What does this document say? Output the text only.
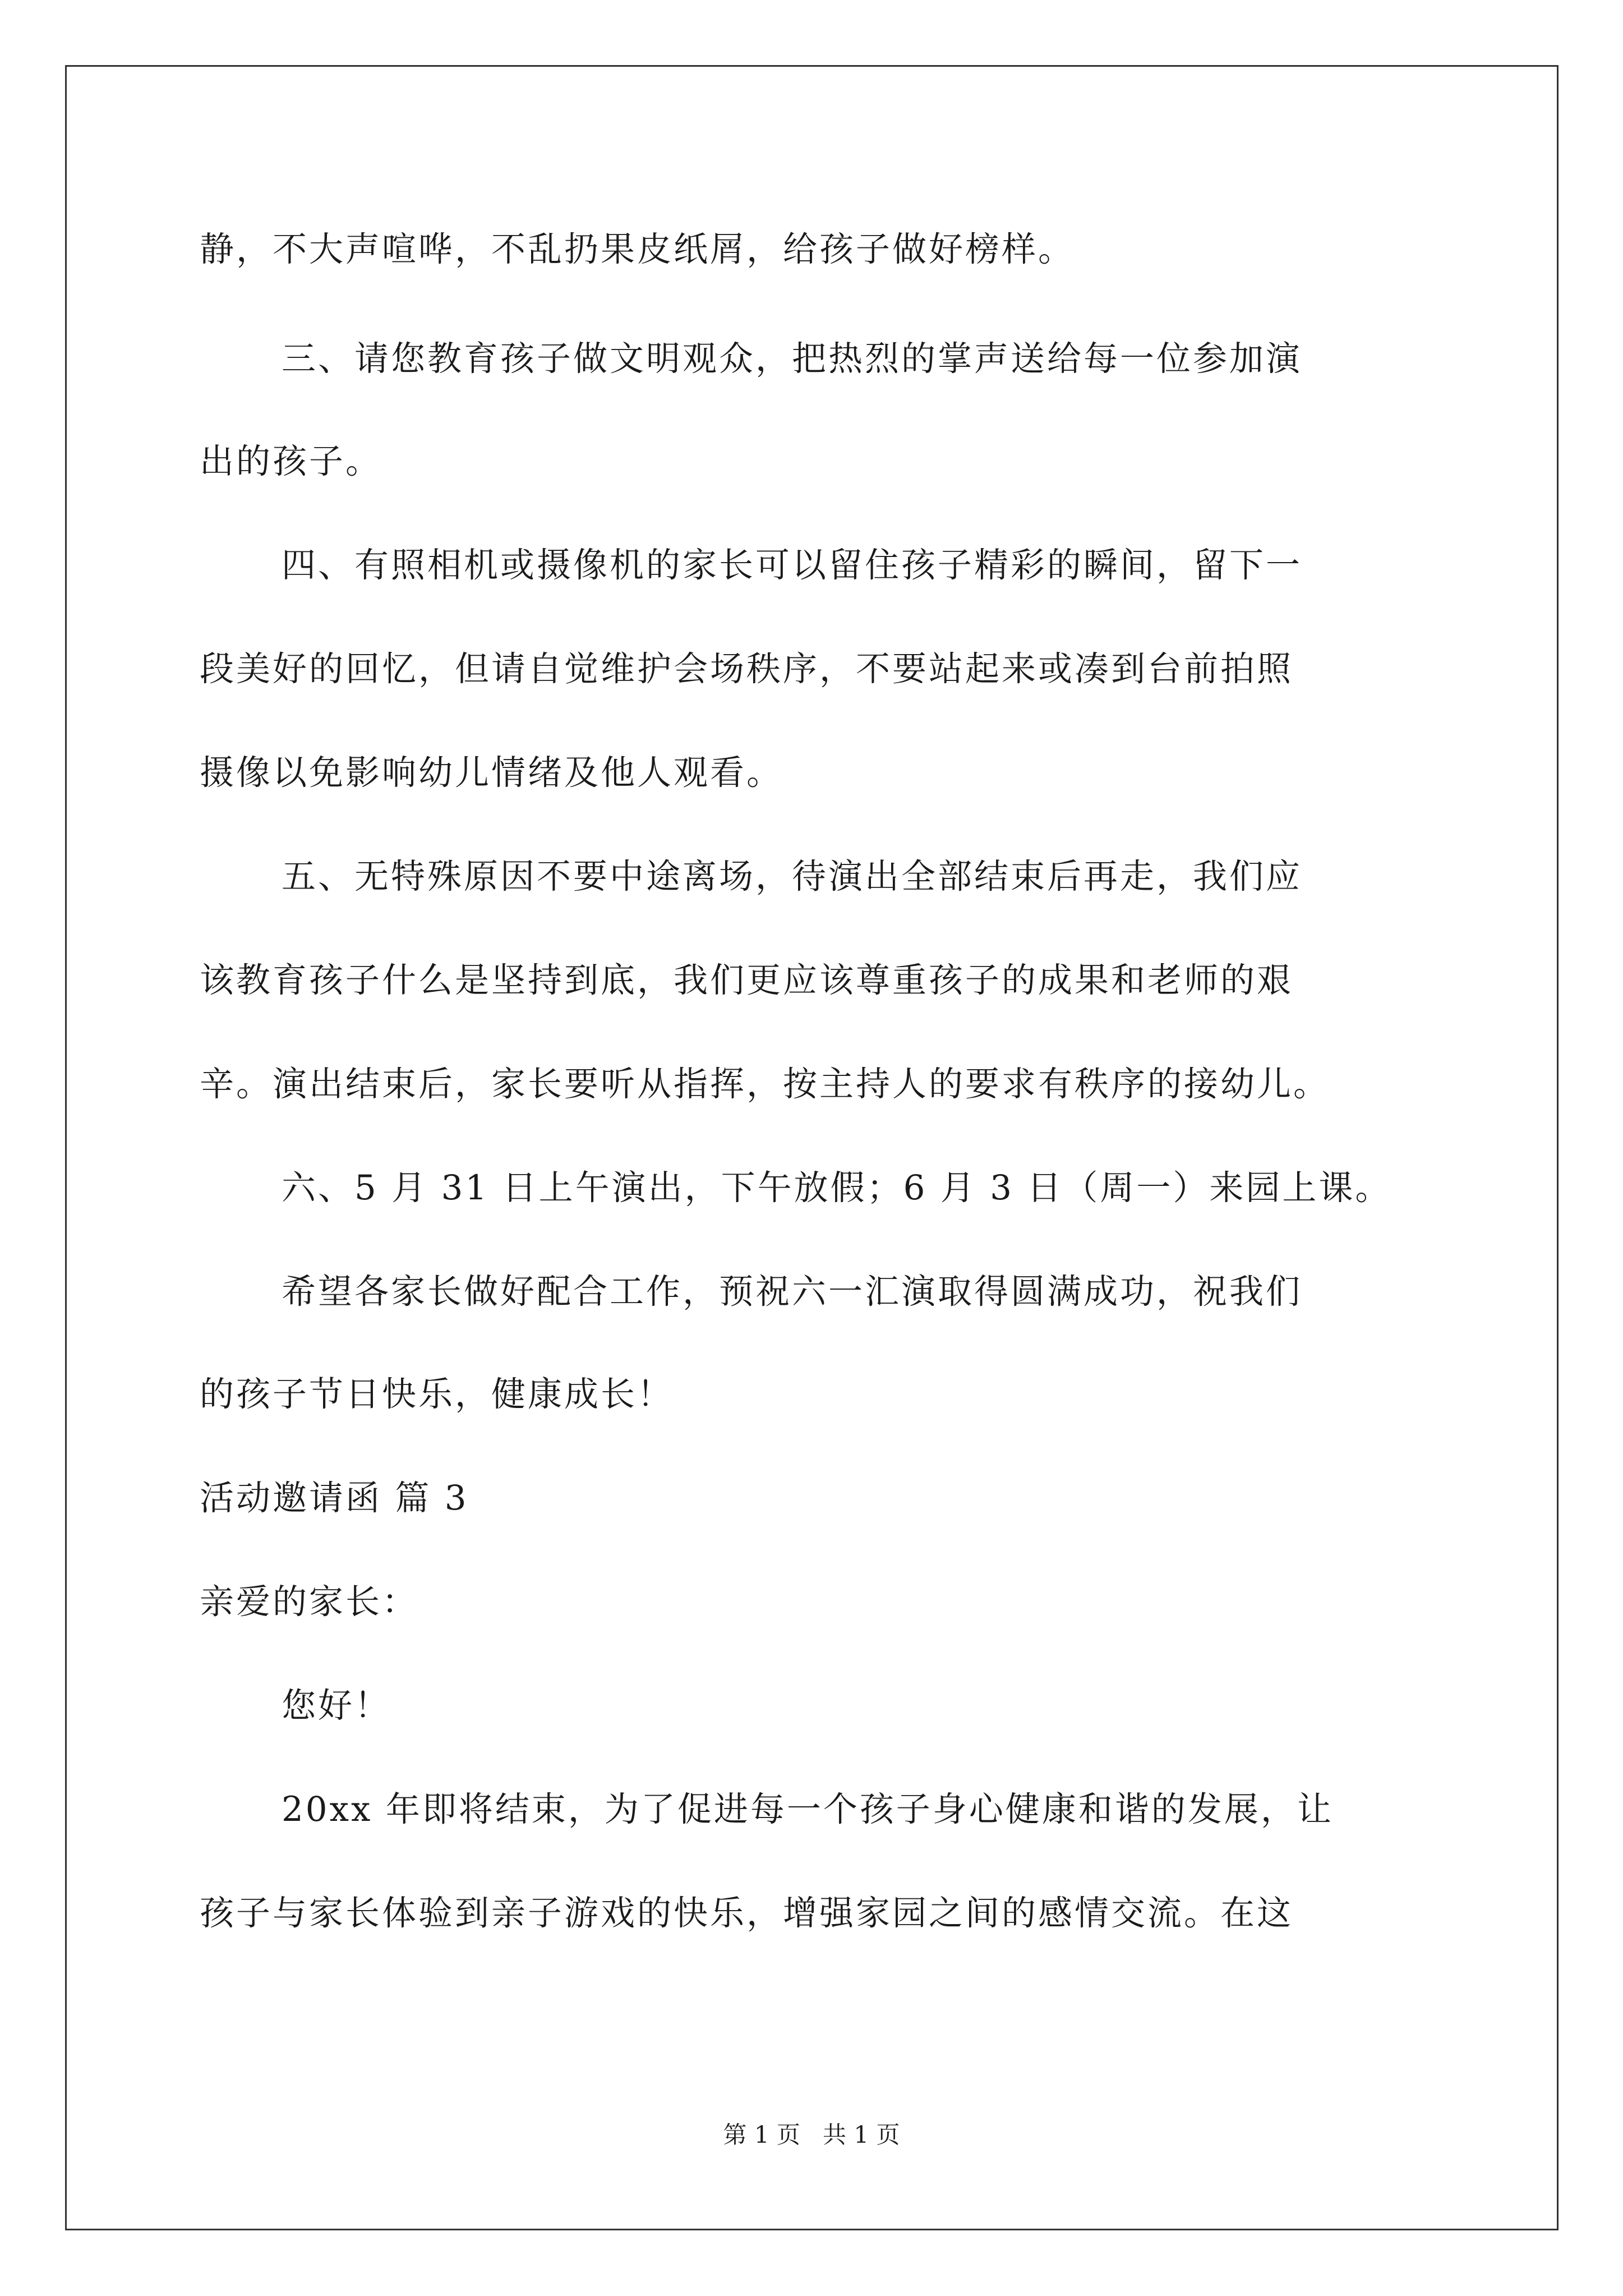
静，不大声喧哗，不乱扔果皮纸屑，给孩子做好榜样。
三、请您教育孩子做文明观众，把热烈的掌声送给每一位参加演
出的孩子。
四、有照相机或摄像机的家长可以留住孩子精彩的瞬间，留下一
段美好的回忆，但请自觉维护会场秩序，不要站起来或凑到台前拍照
摄像以免影响幼儿情绪及他人观看。
五、无特殊原因不要中途离场，待演出全部结束后再走，我们应
该教育孩子什么是坚持到底，我们更应该尊重孩子的成果和老师的艰
辛。演出结束后，家长要听从指挥，按主持人的要求有秩序的接幼儿。
六、5 月 31 日上午演出，下午放假；6 月 3 日（周一）来园上课。
希望各家长做好配合工作，预祝六一汇演取得圆满成功，祝我们
的孩子节日快乐，健康成长！
活动邀请函 篇 3
亲爱的家长：
您好！
20xx 年即将结束，为了促进每一个孩子身心健康和谐的发展，让
孩子与家长体验到亲子游戏的快乐，增强家园之间的感情交流。在这
第 1 页   共 1 页
